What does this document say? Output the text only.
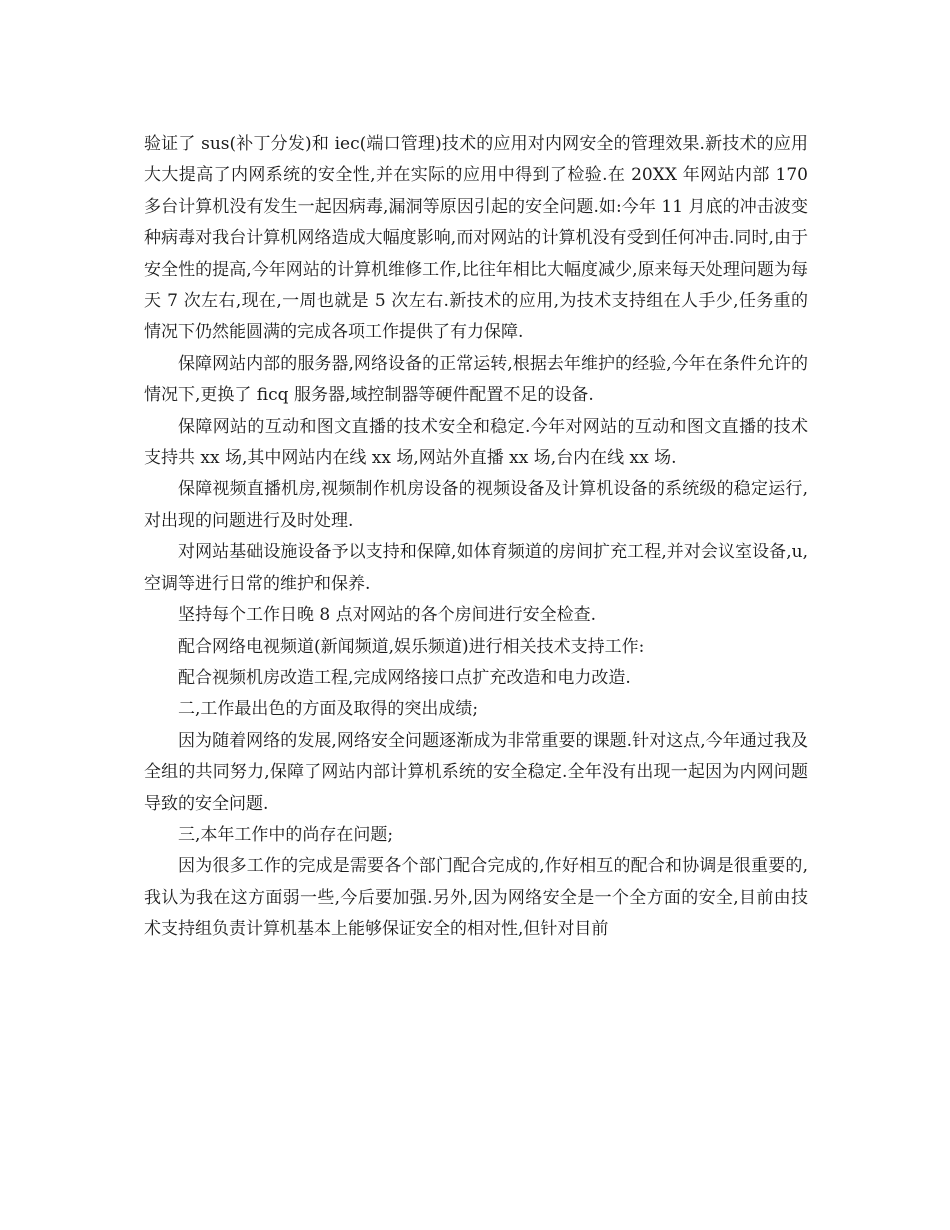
验证了 sus(补丁分发)和 iec(端口管理)技术的应用对内网安全的管理效果.新技术的应用大大提高了内网系统的安全性,并在实际的应用中得到了检验.在 20XX 年网站内部 170 多台计算机没有发生一起因病毒,漏洞等原因引起的安全问题.如:今年 11 月底的冲击波变种病毒对我台计算机网络造成大幅度影响,而对网站的计算机没有受到任何冲击.同时,由于安全性的提高,今年网站的计算机维修工作,比往年相比大幅度减少,原来每天处理问题为每天 7 次左右,现在,一周也就是 5 次左右.新技术的应用,为技术支持组在人手少,任务重的情况下仍然能圆满的完成各项工作提供了有力保障.

保障网站内部的服务器,网络设备的正常运转,根据去年维护的经验,今年在条件允许的情况下,更换了 ficq 服务器,域控制器等硬件配置不足的设备.

保障网站的互动和图文直播的技术安全和稳定.今年对网站的互动和图文直播的技术支持共 xx 场,其中网站内在线 xx 场,网站外直播 xx 场,台内在线 xx 场.

保障视频直播机房,视频制作机房设备的视频设备及计算机设备的系统级的稳定运行,对出现的问题进行及时处理.

对网站基础设施设备予以支持和保障,如体育频道的房间扩充工程,并对会议室设备,u,空调等进行日常的维护和保养.

坚持每个工作日晚 8 点对网站的各个房间进行安全检查.

配合网络电视频道(新闻频道,娱乐频道)进行相关技术支持工作:

配合视频机房改造工程,完成网络接口点扩充改造和电力改造.

二,工作最出色的方面及取得的突出成绩;

因为随着网络的发展,网络安全问题逐渐成为非常重要的课题.针对这点,今年通过我及全组的共同努力,保障了网站内部计算机系统的安全稳定.全年没有出现一起因为内网问题导致的安全问题.

三,本年工作中的尚存在问题;

因为很多工作的完成是需要各个部门配合完成的,作好相互的配合和协调是很重要的,我认为我在这方面弱一些,今后要加强.另外,因为网络安全是一个全方面的安全,目前由技术支持组负责计算机基本上能够保证安全的相对性,但针对目前
